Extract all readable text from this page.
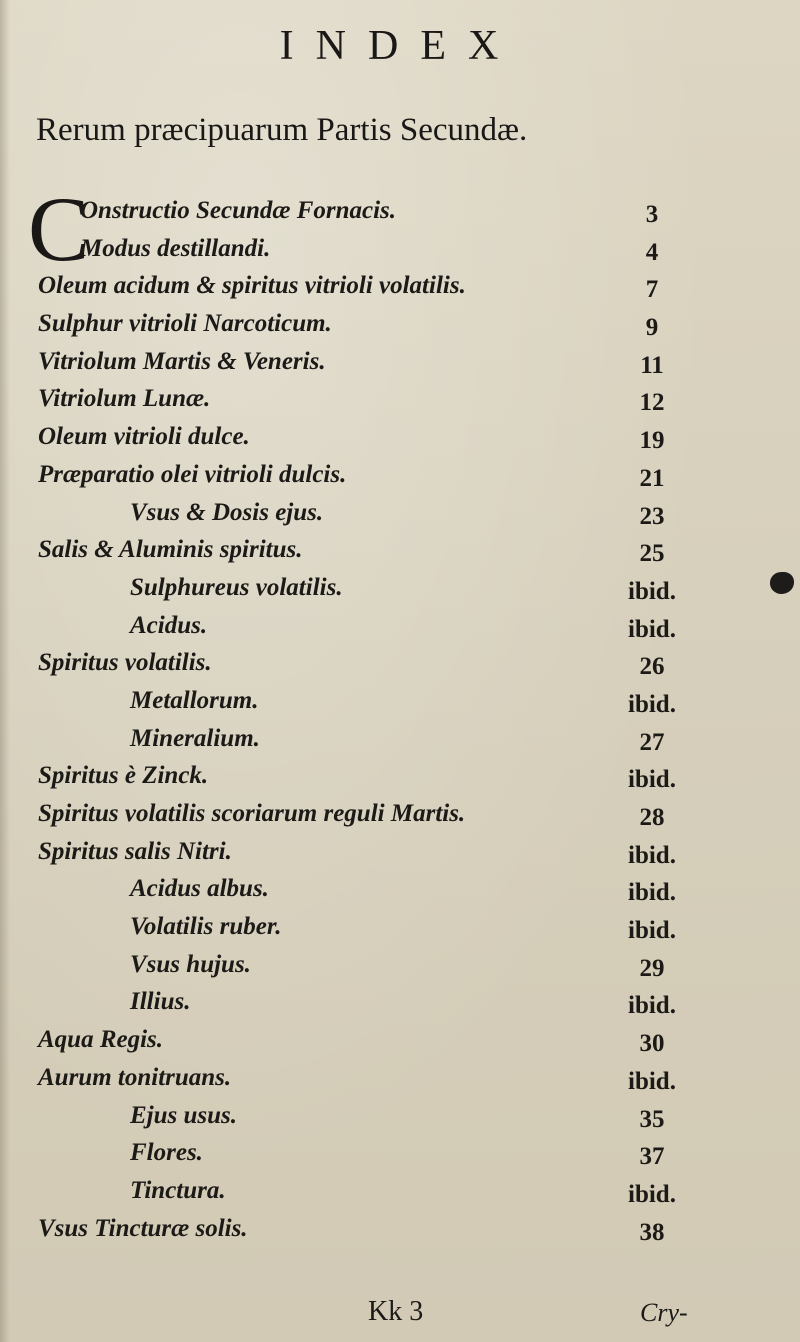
INDEX
Rerum præcipuarum Partis Secundæ.
C
Onstructio Secundæ Fornacis.	3
Modus destillandi.	4
Oleum acidum & spiritus vitrioli volatilis.	7
Sulphur vitrioli Narcoticum.	9
Vitriolum Martis & Veneris.	11
Vitriolum Lunæ.	12
Oleum vitrioli dulce.	19
Præparatio olei vitrioli dulcis.	21
Vsus & Dosis ejus.	23
Salis & Aluminis spiritus.	25
Sulphureus volatilis.	ibid.
Acidus.	ibid.
Spiritus volatilis.	26
Metallorum.	ibid.
Mineralium.	27
Spiritus è Zinck.	ibid.
Spiritus volatilis scoriarum reguli Martis.	28
Spiritus salis Nitri.	ibid.
Acidus albus.	ibid.
Volatilis ruber.	ibid.
Vsus hujus.	29
Illius.	ibid.
Aqua Regis.	30
Aurum tonitruans.	ibid.
Ejus usus.	35
Flores.	37
Tinctura.	ibid.
Vsus Tincturæ solis.	38
Kk 3	Cry-
